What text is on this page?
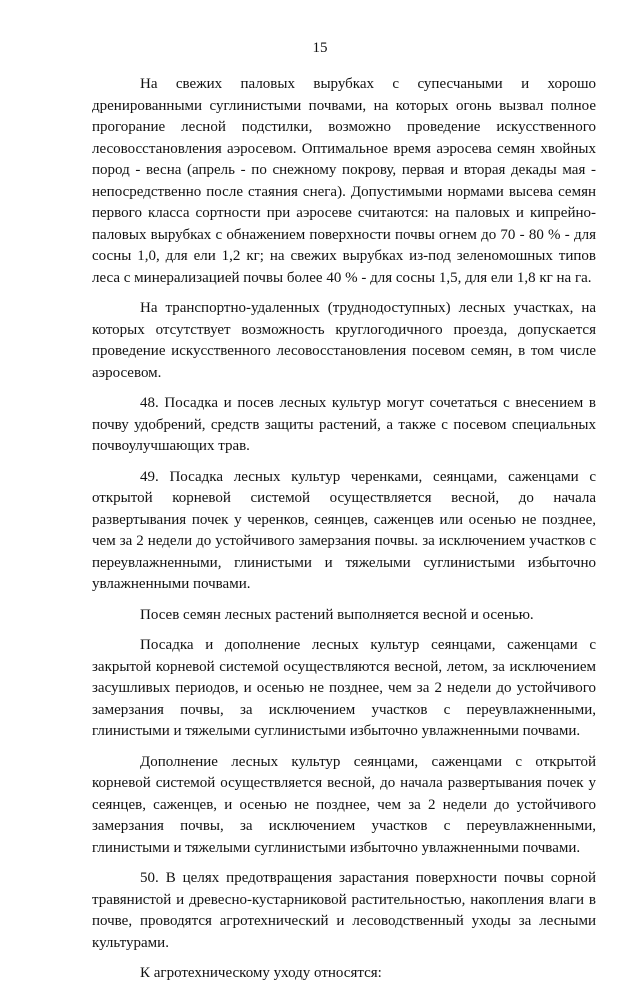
15

На свежих паловых вырубках с супесчаными и хорошо дренированными суглинистыми почвами, на которых огонь вызвал полное прогорание лесной подстилки, возможно проведение искусственного лесовосстановления аэросевом. Оптимальное время аэросева семян хвойных пород - весна (апрель - по снежному покрову, первая и вторая декады мая - непосредственно после стаяния снега). Допустимыми нормами высева семян первого класса сортности при аэросеве считаются: на паловых и кипрейно-паловых вырубках с обнажением поверхности почвы огнем до 70 - 80 % - для сосны 1,0, для ели 1,2 кг; на свежих вырубках из-под зеленомошных типов леса с минерализацией почвы более 40 % - для сосны 1,5, для ели 1,8 кг на га.

На транспортно-удаленных (труднодоступных) лесных участках, на которых отсутствует возможность круглогодичного проезда, допускается проведение искусственного лесовосстановления посевом семян, в том числе аэросевом.

48. Посадка и посев лесных культур могут сочетаться с внесением в почву удобрений, средств защиты растений, а также с посевом специальных почвоулучшающих трав.

49. Посадка лесных культур черенками, сеянцами, саженцами с открытой корневой системой осуществляется весной, до начала развертывания почек у черенков, сеянцев, саженцев или осенью не позднее, чем за 2 недели до устойчивого замерзания почвы. за исключением участков с переувлажненными, глинистыми и тяжелыми суглинистыми избыточно увлажненными почвами.

Посев семян лесных растений выполняется весной и осенью.

Посадка и дополнение лесных культур сеянцами, саженцами с закрытой корневой системой осуществляются весной, летом, за исключением засушливых периодов, и осенью не позднее, чем за 2 недели до устойчивого замерзания почвы, за исключением участков с переувлажненными, глинистыми и тяжелыми суглинистыми избыточно увлажненными почвами.

Дополнение лесных культур сеянцами, саженцами с открытой корневой системой осуществляется весной, до начала развертывания почек у сеянцев, саженцев, и осенью не позднее, чем за 2 недели до устойчивого замерзания почвы, за исключением участков с переувлажненными, глинистыми и тяжелыми суглинистыми избыточно увлажненными почвами.

50. В целях предотвращения зарастания поверхности почвы сорной травянистой и древесно-кустарниковой растительностью, накопления влаги в почве, проводятся агротехнический и лесоводственный уходы за лесными культурами.

К агротехническому уходу относятся:
